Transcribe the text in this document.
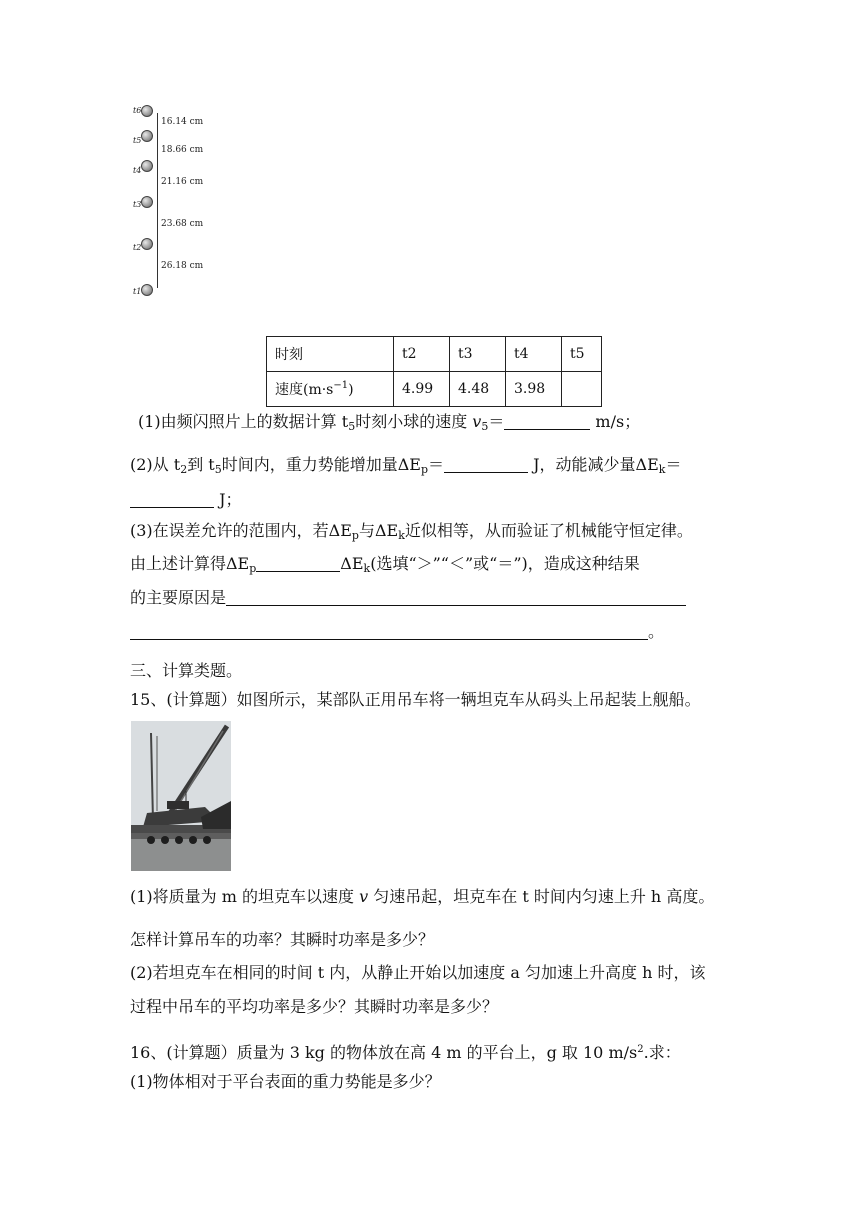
t6
t5
t4
t3
t2
t1
16.14 cm
18.66 cm
21.16 cm
23.68 cm
26.18 cm
时刻	t2	t3	t4	t5
速度$(m\cdot s^{-1})$	4.99	4.48	3.98	
(1)由频闪照片上的数据计算 $t_5$时刻小球的速度 $v_5=$	m/s；
(2)从 $t_2$到 $t_5$时间内，重力势能增加量$\Delta E_p=$	J，动能减少量$\Delta E_k=$
J；
(3)在误差允许的范围内，若$\Delta E_p$与$\Delta E_k$近似相等，从而验证了机械能守恒定律。
由上述计算得$\Delta E_p$	$\Delta E_k$(选填“＞”“＜”或“＝”)，造成这种结果
的主要原因是
。
三、计算类题。
15、(计算题）如图所示，某部队正用吊车将一辆坦克车从码头上吊起装上舰船。
(1)将质量为 m 的坦克车以速度 v 匀速吊起，坦克车在 t 时间内匀速上升 h 高度。
怎样计算吊车的功率？其瞬时功率是多少？
(2)若坦克车在相同的时间 t 内，从静止开始以加速度 a 匀加速上升高度 h 时，该
过程中吊车的平均功率是多少？其瞬时功率是多少？
16、(计算题）质量为 3 kg 的物体放在高 4 m 的平台上，g 取 10 $m/s^2$.求：
(1)物体相对于平台表面的重力势能是多少？
